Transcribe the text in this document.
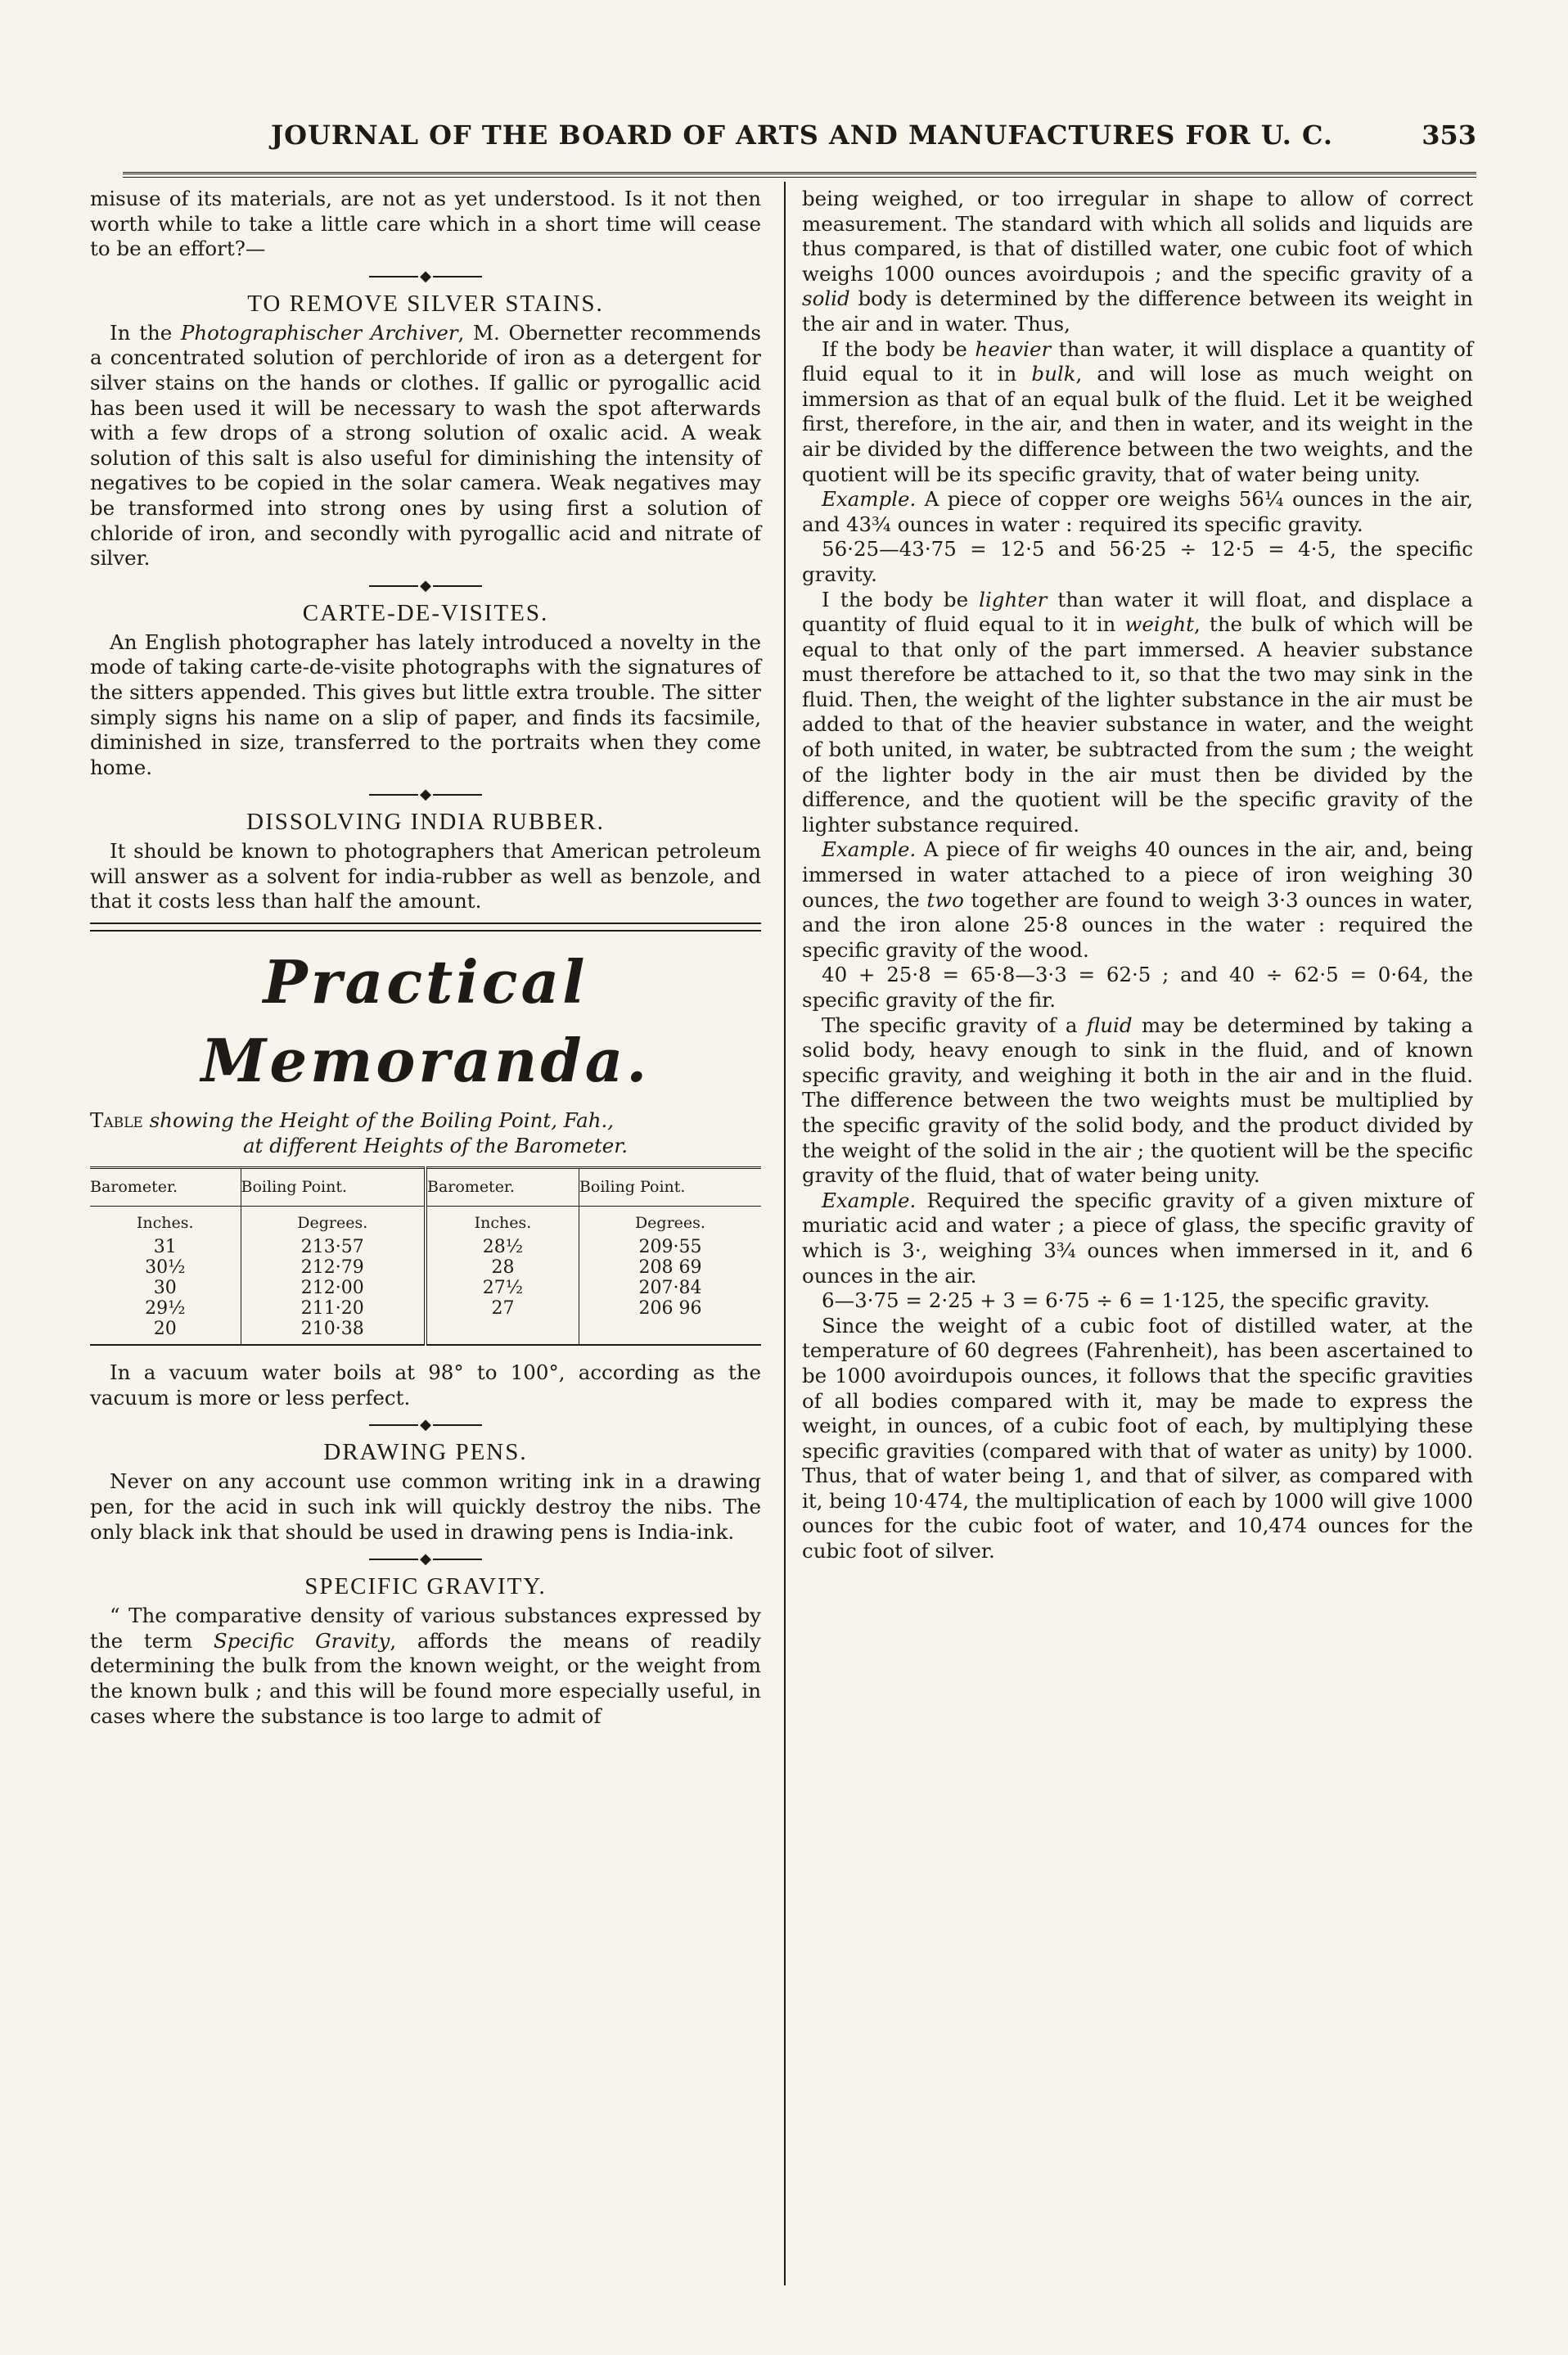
JOURNAL OF THE BOARD OF ARTS AND MANUFACTURES FOR U. C.	353

misuse of its materials, are not as yet understood. Is it not then worth while to take a little care which in a short time will cease to be an effort?—

◆
TO REMOVE SILVER STAINS.

In the Photographischer Archiver, M. Obernetter recommends a concentrated solution of perchloride of iron as a detergent for silver stains on the hands or clothes. If gallic or pyrogallic acid has been used it will be necessary to wash the spot afterwards with a few drops of a strong solution of oxalic acid. A weak solution of this salt is also useful for diminishing the intensity of negatives to be copied in the solar camera. Weak negatives may be transformed into strong ones by using first a solution of chloride of iron, and secondly with pyrogallic acid and nitrate of silver.

◆
CARTE-DE-VISITES.

An English photographer has lately introduced a novelty in the mode of taking carte-de-visite photographs with the signatures of the sitters appended. This gives but little extra trouble. The sitter simply signs his name on a slip of paper, and finds its facsimile, diminished in size, transferred to the portraits when they come home.

◆
DISSOLVING INDIA RUBBER.

It should be known to photographers that American petroleum will answer as a solvent for india-rubber as well as benzole, and that it costs less than half the amount.

Practical Memoranda.

Table showing the Height of the Boiling Point, Fah.,

at different Heights of the Barometer.

Barometer.	Boiling Point.	Barometer.	Boiling Point.
Inches.	Degrees.	Inches.	Degrees.
31	213·57	28½	209·55
30½	212·79	28	208 69
30	212·00	27½	207·84
29½	211·20	27	206 96
20	210·38		

In a vacuum water boils at 98° to 100°, according as the vacuum is more or less perfect.

◆
DRAWING PENS.

Never on any account use common writing ink in a drawing pen, for the acid in such ink will quickly destroy the nibs. The only black ink that should be used in drawing pens is India-ink.

◆
SPECIFIC GRAVITY.

“ The comparative density of various substances expressed by the term Specific Gravity, affords the means of readily determining the bulk from the known weight, or the weight from the known bulk ; and this will be found more especially useful, in cases where the substance is too large to admit of

being weighed, or too irregular in shape to allow of correct measurement. The standard with which all solids and liquids are thus compared, is that of distilled water, one cubic foot of which weighs 1000 ounces avoirdupois ; and the specific gravity of a solid body is determined by the difference between its weight in the air and in water. Thus,

If the body be heavier than water, it will displace a quantity of fluid equal to it in bulk, and will lose as much weight on immersion as that of an equal bulk of the fluid. Let it be weighed first, therefore, in the air, and then in water, and its weight in the air be divided by the difference between the two weights, and the quotient will be its specific gravity, that of water being unity.

Example. A piece of copper ore weighs 56¼ ounces in the air, and 43¾ ounces in water : required its specific gravity.

56·25—43·75 = 12·5 and 56·25 ÷ 12·5 = 4·5, the specific gravity.

I the body be lighter than water it will float, and displace a quantity of fluid equal to it in weight, the bulk of which will be equal to that only of the part immersed. A heavier substance must therefore be attached to it, so that the two may sink in the fluid. Then, the weight of the lighter substance in the air must be added to that of the heavier substance in water, and the weight of both united, in water, be subtracted from the sum ; the weight of the lighter body in the air must then be divided by the difference, and the quotient will be the specific gravity of the lighter substance required.

Example. A piece of fir weighs 40 ounces in the air, and, being immersed in water attached to a piece of iron weighing 30 ounces, the two together are found to weigh 3·3 ounces in water, and the iron alone 25·8 ounces in the water : required the specific gravity of the wood.

40 + 25·8 = 65·8—3·3 = 62·5 ; and 40 ÷ 62·5 = 0·64, the specific gravity of the fir.

The specific gravity of a fluid may be determined by taking a solid body, heavy enough to sink in the fluid, and of known specific gravity, and weighing it both in the air and in the fluid. The difference between the two weights must be multiplied by the specific gravity of the solid body, and the product divided by the weight of the solid in the air ; the quotient will be the specific gravity of the fluid, that of water being unity.

Example. Required the specific gravity of a given mixture of muriatic acid and water ; a piece of glass, the specific gravity of which is 3·, weighing 3¾ ounces when immersed in it, and 6 ounces in the air.

6—3·75 = 2·25 + 3 = 6·75 ÷ 6 = 1·125, the specific gravity.

Since the weight of a cubic foot of distilled water, at the temperature of 60 degrees (Fahrenheit), has been ascertained to be 1000 avoirdupois ounces, it follows that the specific gravities of all bodies compared with it, may be made to express the weight, in ounces, of a cubic foot of each, by multiplying these specific gravities (compared with that of water as unity) by 1000. Thus, that of water being 1, and that of silver, as compared with it, being 10·474, the multiplication of each by 1000 will give 1000 ounces for the cubic foot of water, and 10,474 ounces for the cubic foot of silver.
